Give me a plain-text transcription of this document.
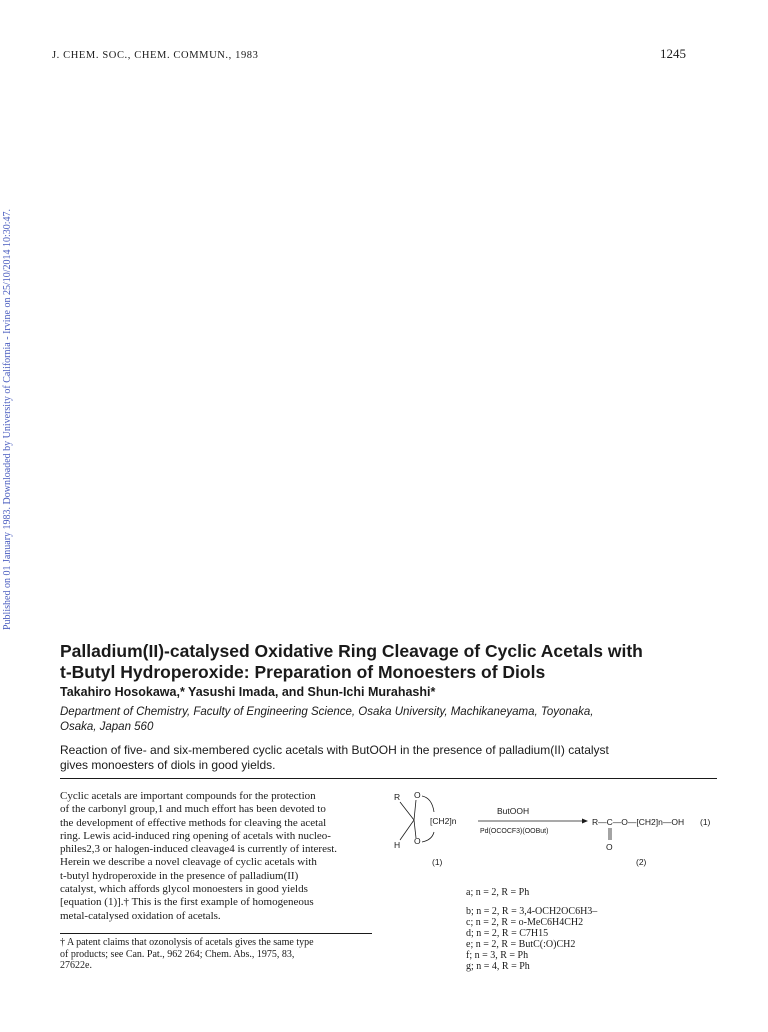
J. CHEM. SOC., CHEM. COMMUN., 1983	1245
Published on 01 January 1983. Downloaded by University of California - Irvine on 25/10/2014 10:30:47.
Palladium(II)-catalysed Oxidative Ring Cleavage of Cyclic Acetals with
t-Butyl Hydroperoxide: Preparation of Monoesters of Diols
Takahiro Hosokawa,* Yasushi Imada, and Shun-Ichi Murahashi*
Department of Chemistry, Faculty of Engineering Science, Osaka University, Machikaneyama, Toyonaka,
Osaka, Japan 560
Reaction of five- and six-membered cyclic acetals with ButOOH in the presence of palladium(II) catalyst
gives monoesters of diols in good yields.
Cyclic acetals are important compounds for the protection
of the carbonyl group,1 and much effort has been devoted to
the development of effective methods for cleaving the acetal
ring. Lewis acid-induced ring opening of acetals with nucleo-
philes2,3 or halogen-induced cleavage4 is currently of interest.
Herein we describe a novel cleavage of cyclic acetals with
t-butyl hydroperoxide in the presence of palladium(II)
catalyst, which affords glycol monoesters in good yields
[equation (1)].† This is the first example of homogeneous
metal-catalysed oxidation of acetals.
† A patent claims that ozonolysis of acetals gives the same type
of products; see Can. Pat., 962 264; Chem. Abs., 1975, 83,
27622e.
R O
H O
[CH2]n
(1)
ButOOH
Pd(OCOCF3)(OOBut)
R—C—O—[CH2]n—OH
O
(1)
(2)
a; n = 2, R = Ph
b; n = 2, R = 3,4-OCH2OC6H3–
c; n = 2, R = o-MeC6H4CH2
d; n = 2, R = C7H15
e; n = 2, R = ButC(:O)CH2
f; n = 3, R = Ph
g; n = 4, R = Ph
